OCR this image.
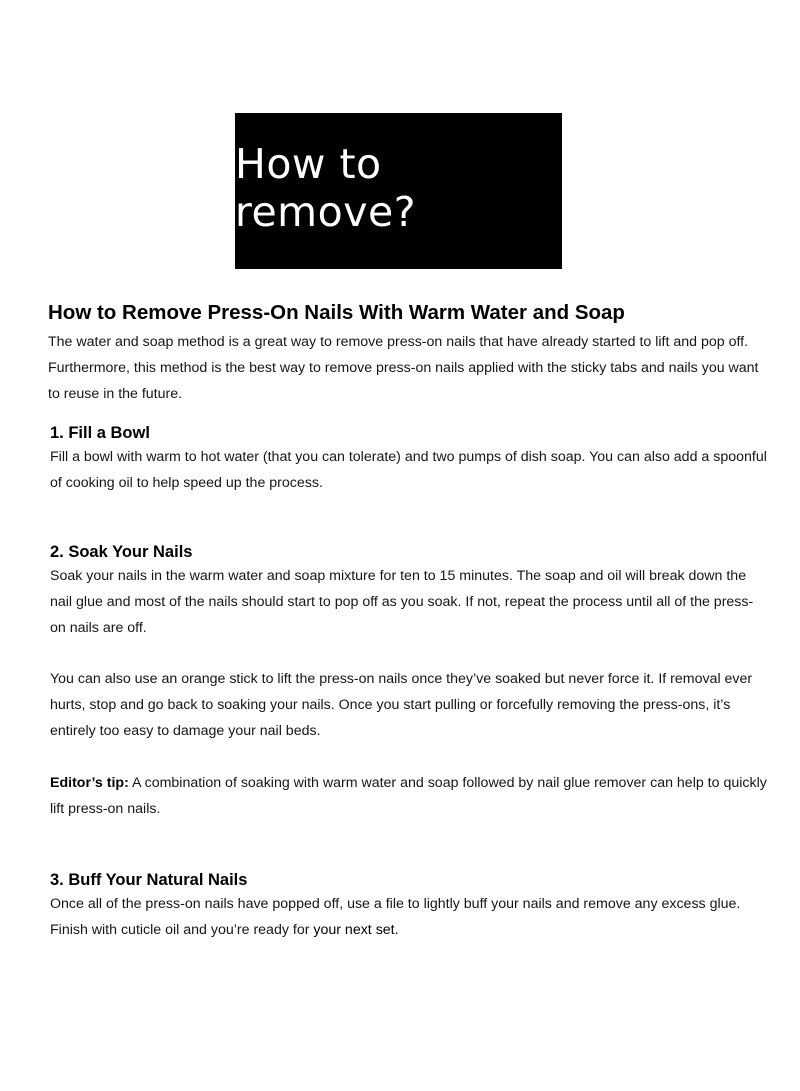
How to remove?
How to Remove Press-On Nails With Warm Water and Soap

The water and soap method is a great way to remove press-on nails that have already started to lift and pop off. Furthermore, this method is the best way to remove press-on nails applied with the sticky tabs and nails you want to reuse in the future.

1. Fill a Bowl

Fill a bowl with warm to hot water (that you can tolerate) and two pumps of dish soap. You can also add a spoonful of cooking oil to help speed up the process.

2. Soak Your Nails

Soak your nails in the warm water and soap mixture for ten to 15 minutes. The soap and oil will break down the nail glue and most of the nails should start to pop off as you soak. If not, repeat the process until all of the press-on nails are off.

You can also use an orange stick to lift the press-on nails once they’ve soaked but never force it. If removal ever hurts, stop and go back to soaking your nails. Once you start pulling or forcefully removing the press-ons, it’s entirely too easy to damage your nail beds.

Editor’s tip: A combination of soaking with warm water and soap followed by nail glue remover can help to quickly lift press-on nails.

3. Buff Your Natural Nails

Once all of the press-on nails have popped off, use a file to lightly buff your nails and remove any excess glue. Finish with cuticle oil and you’re ready for your next set.
